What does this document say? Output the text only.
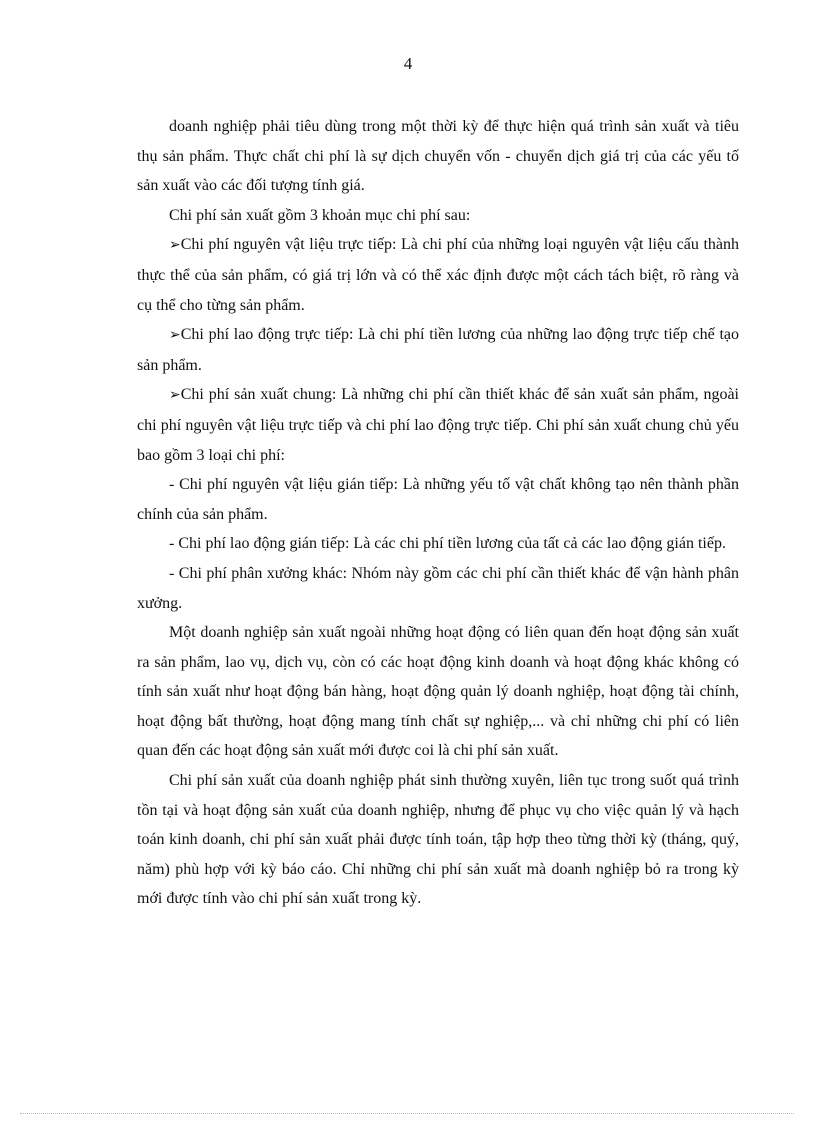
4

doanh nghiệp phải tiêu dùng trong một thời kỳ để thực hiện quá trình sản xuất và tiêu thụ sản phẩm. Thực chất chi phí là sự dịch chuyển vốn - chuyển dịch giá trị của các yếu tố sản xuất vào các đối tượng tính giá.

Chi phí sản xuất gồm 3 khoản mục chi phí sau:

➢Chi phí nguyên vật liệu trực tiếp: Là chi phí của những loại nguyên vật liệu cấu thành thực thể của sản phẩm, có giá trị lớn và có thể xác định được một cách tách biệt, rõ ràng và cụ thể cho từng sản phẩm.

➢Chi phí lao động trực tiếp: Là chi phí tiền lương của những lao động trực tiếp chế tạo sản phẩm.

➢Chi phí sản xuất chung: Là những chi phí cần thiết khác để sản xuất sản phẩm, ngoài chi phí nguyên vật liệu trực tiếp và chi phí lao động trực tiếp. Chi phí sản xuất chung chủ yếu bao gồm 3 loại chi phí:

- Chi phí nguyên vật liệu gián tiếp: Là những yếu tố vật chất không tạo nên thành phần chính của sản phẩm.

- Chi phí lao động gián tiếp: Là các chi phí tiền lương của tất cả các lao động gián tiếp.

- Chi phí phân xưởng khác: Nhóm này gồm các chi phí cần thiết khác để vận hành phân xưởng.

Một doanh nghiệp sản xuất ngoài những hoạt động có liên quan đến hoạt động sản xuất ra sản phẩm, lao vụ, dịch vụ, còn có các hoạt động kinh doanh và hoạt động khác không có tính sản xuất như hoạt động bán hàng, hoạt động quản lý doanh nghiệp, hoạt động tài chính, hoạt động bất thường, hoạt động mang tính chất sự nghiệp,... và chỉ những chi phí có liên quan đến các hoạt động sản xuất mới được coi là chi phí sản xuất.

Chi phí sản xuất của doanh nghiệp phát sinh thường xuyên, liên tục trong suốt quá trình tồn tại và hoạt động sản xuất của doanh nghiệp, nhưng để phục vụ cho việc quản lý và hạch toán kinh doanh, chi phí sản xuất phải được tính toán, tập hợp theo từng thời kỳ (tháng, quý, năm) phù hợp với kỳ báo cáo. Chỉ những chi phí sản xuất mà doanh nghiệp bỏ ra trong kỳ mới được tính vào chi phí sản xuất trong kỳ.
